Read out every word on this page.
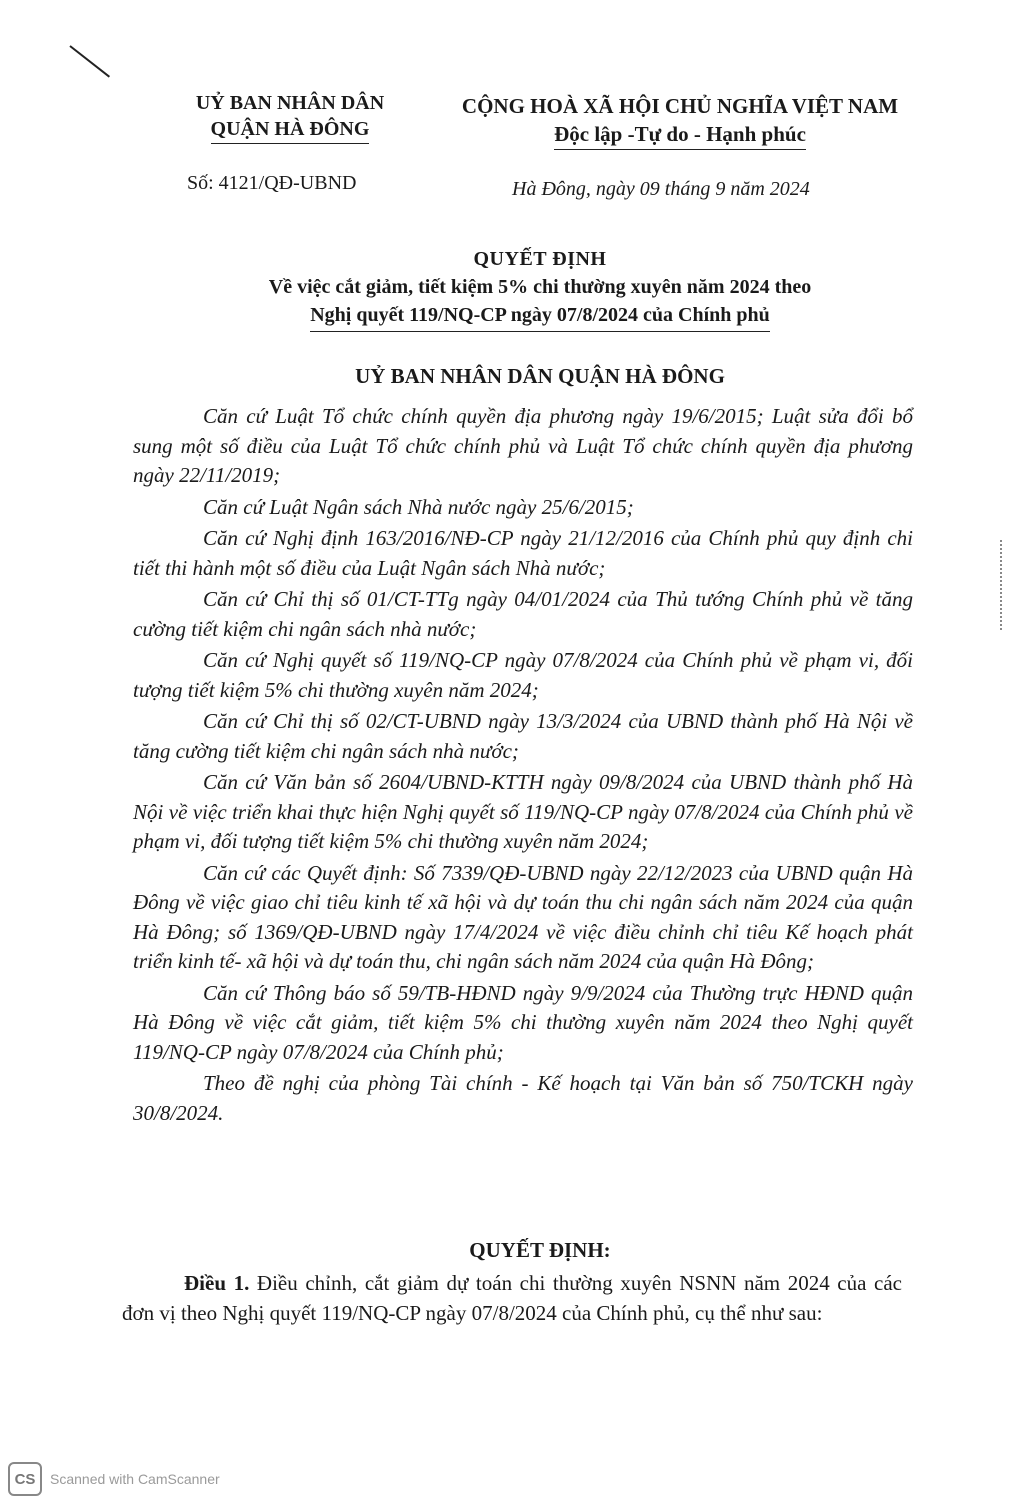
UỶ BAN NHÂN DÂN
QUẬN HÀ ĐÔNG
CỘNG HOÀ XÃ HỘI CHỦ NGHĨA VIỆT NAM
Độc lập -Tự do - Hạnh phúc
Số: 4121/QĐ-UBND	Hà Đông, ngày 09 tháng 9 năm 2024
QUYẾT ĐỊNH
Về việc cắt giảm, tiết kiệm 5% chi thường xuyên năm 2024 theo
Nghị quyết 119/NQ-CP ngày 07/8/2024 của Chính phủ
UỶ BAN NHÂN DÂN QUẬN HÀ ĐÔNG

Căn cứ Luật Tổ chức chính quyền địa phương ngày 19/6/2015; Luật sửa đổi bổ sung một số điều của Luật Tổ chức chính phủ và Luật Tổ chức chính quyền địa phương ngày 22/11/2019;

Căn cứ Luật Ngân sách Nhà nước ngày 25/6/2015;

Căn cứ Nghị định 163/2016/NĐ-CP ngày 21/12/2016 của Chính phủ quy định chi tiết thi hành một số điều của Luật Ngân sách Nhà nước;

Căn cứ Chỉ thị số 01/CT-TTg ngày 04/01/2024 của Thủ tướng Chính phủ về tăng cường tiết kiệm chi ngân sách nhà nước;

Căn cứ Nghị quyết số 119/NQ-CP ngày 07/8/2024 của Chính phủ về phạm vi, đối tượng tiết kiệm 5% chi thường xuyên năm 2024;

Căn cứ Chỉ thị số 02/CT-UBND ngày 13/3/2024 của UBND thành phố Hà Nội về tăng cường tiết kiệm chi ngân sách nhà nước;

Căn cứ Văn bản số 2604/UBND-KTTH ngày 09/8/2024 của UBND thành phố Hà Nội về việc triển khai thực hiện Nghị quyết số 119/NQ-CP ngày 07/8/2024 của Chính phủ về phạm vi, đối tượng tiết kiệm 5% chi thường xuyên năm 2024;

Căn cứ các Quyết định: Số 7339/QĐ-UBND ngày 22/12/2023 của UBND quận Hà Đông về việc giao chỉ tiêu kinh tế xã hội và dự toán thu chi ngân sách năm 2024 của quận Hà Đông; số 1369/QĐ-UBND ngày 17/4/2024 về việc điều chỉnh chỉ tiêu Kế hoạch phát triển kinh tế- xã hội và dự toán thu, chi ngân sách năm 2024 của quận Hà Đông;

Căn cứ Thông báo số 59/TB-HĐND ngày 9/9/2024 của Thường trực HĐND quận Hà Đông về việc cắt giảm, tiết kiệm 5% chi thường xuyên năm 2024 theo Nghị quyết 119/NQ-CP ngày 07/8/2024 của Chính phủ;

Theo đề nghị của phòng Tài chính - Kế hoạch tại Văn bản số 750/TCKH ngày 30/8/2024.

QUYẾT ĐỊNH:

Điều 1. Điều chỉnh, cắt giảm dự toán chi thường xuyên NSNN năm 2024 của các đơn vị theo Nghị quyết 119/NQ-CP ngày 07/8/2024 của Chính phủ, cụ thể như sau:

CS	Scanned with CamScanner
